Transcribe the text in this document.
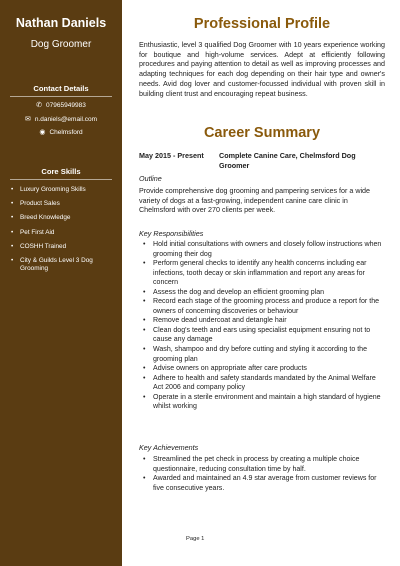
Nathan Daniels
Dog Groomer
Contact Details
✆ 07965949983
✉ n.daniels@email.com
◉ Chelmsford
Core Skills
• Luxury Grooming Skills
• Product Sales
• Breed Knowledge
• Pet First Aid
• COSHH Trained
• City & Guilds Level 3 Dog Grooming
Professional Profile

Enthusiastic, level 3 qualified Dog Groomer with 10 years experience working for boutique and high-volume services. Adept at efficiently following procedures and paying attention to detail as well as improving processes and adapting techniques for each dog depending on their hair type and owner's needs. Avid dog lover and customer-focussed individual with proven skill in building client trust and encouraging repeat business.

Career Summary
May 2015 - Present Complete Canine Care, Chelmsford Dog Groomer
Outline

Provide comprehensive dog grooming and pampering services for a wide variety of dogs at a fast-growing, independent canine care clinic in Chelmsford with over 270 clients per week.

Key Responsibilities
• Hold initial consultations with owners and closely follow instructions when grooming their dog
• Perform general checks to identify any health concerns including ear infections, tooth decay or skin inflammation and report any areas for concern
• Assess the dog and develop an efficient grooming plan
• Record each stage of the grooming process and produce a report for the owners of concerning discoveries or behaviour
• Remove dead undercoat and detangle hair
• Clean dog's teeth and ears using specialist equipment ensuring not to cause any damage
• Wash, shampoo and dry before cutting and styling it according to the grooming plan
• Advise owners on appropriate after care products
• Adhere to health and safety standards mandated by the Animal Welfare Act 2006 and company policy
• Operate in a sterile environment and maintain a high standard of hygiene whilst working
Key Achievements
• Streamlined the pet check in process by creating a multiple choice questionnaire, reducing consultation time by half.
• Awarded and maintained an 4.9 star average from customer reviews for five consecutive years.
Page 1
